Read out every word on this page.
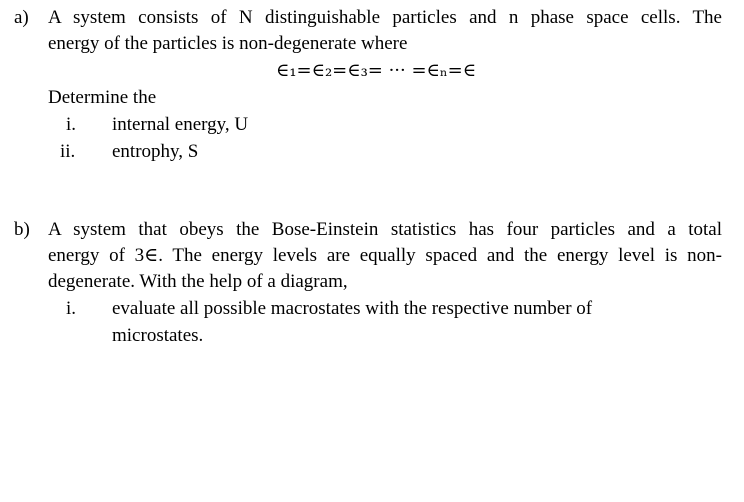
a) A system consists of N distinguishable particles and n phase space cells. The
energy of the particles is non-degenerate where
∈₁=∈₂=∈₃= ··· =∈ₙ=∈
Determine the
i. internal energy, U
ii. entrophy, S
b) A system that obeys the Bose-Einstein statistics has four particles and a total
energy of 3∈. The energy levels are equally spaced and the energy level is non-
degenerate. With the help of a diagram,
i. evaluate all possible macrostates with the respective number of
microstates.
